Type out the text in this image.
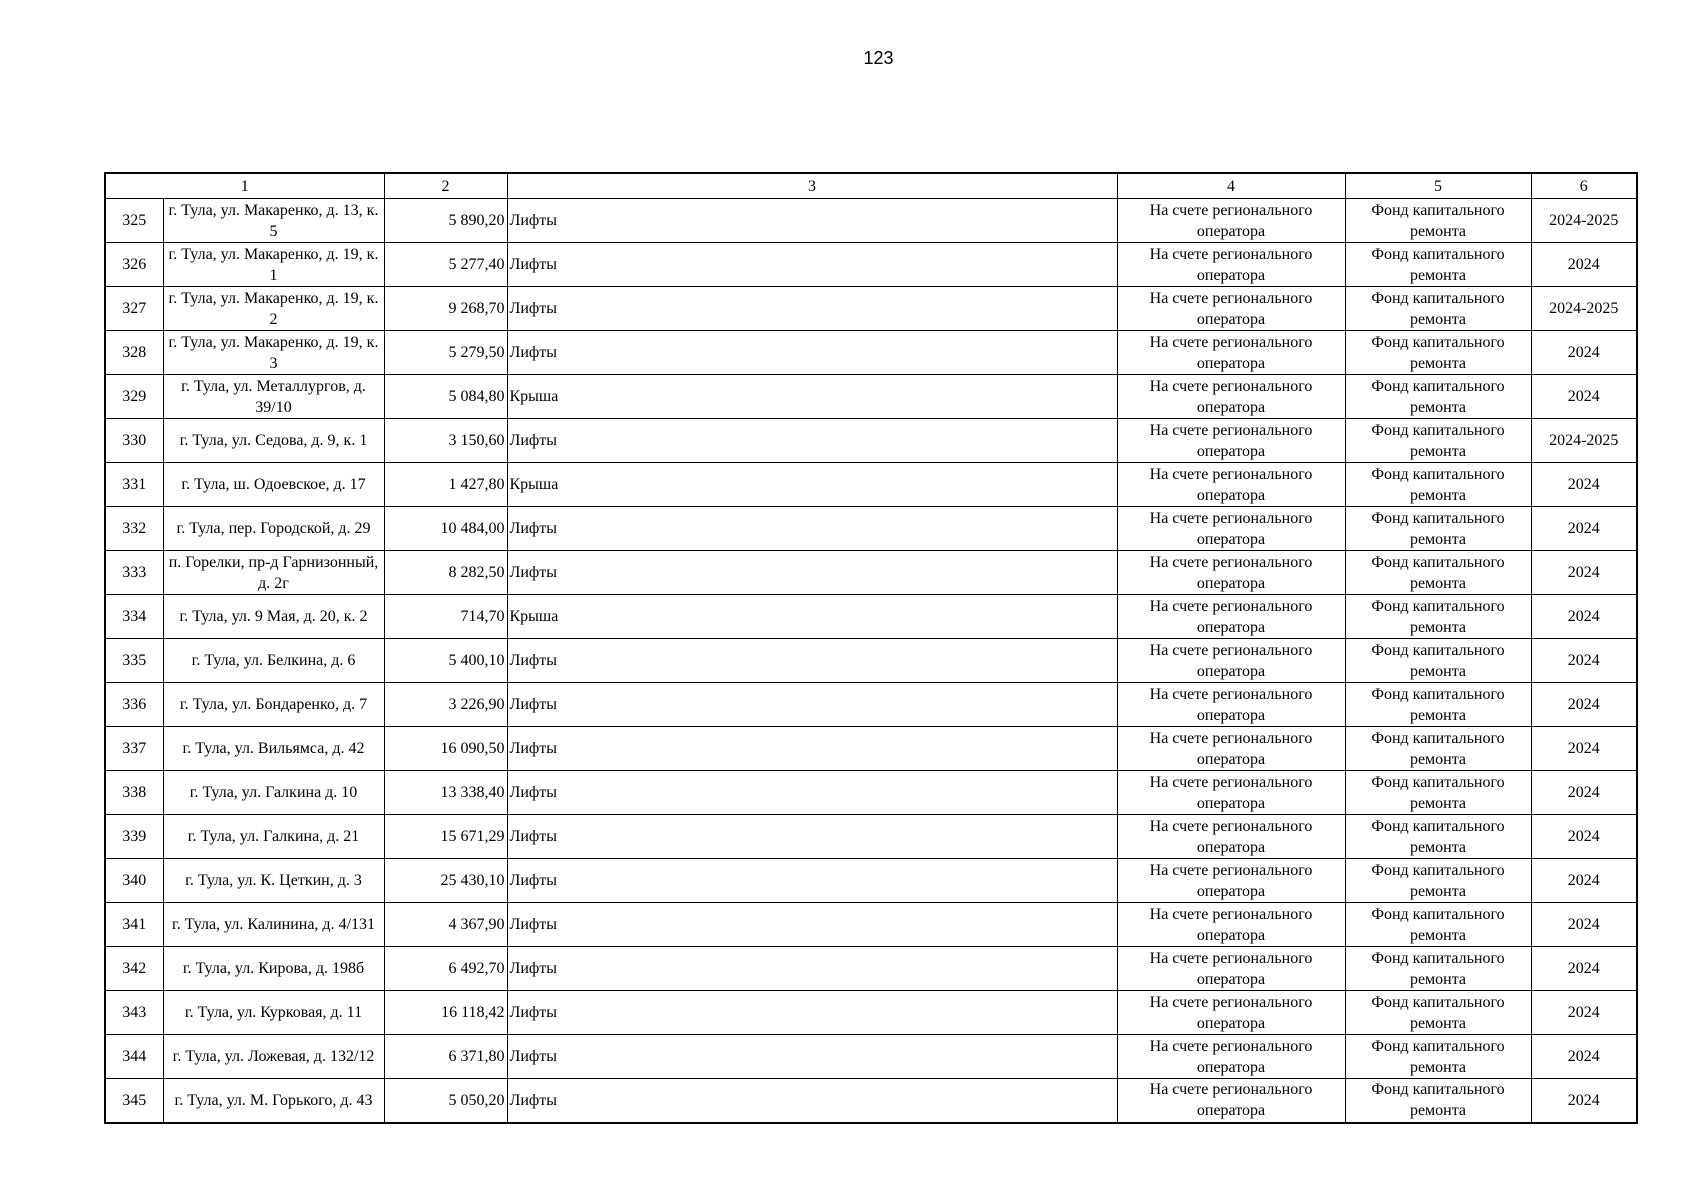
123
1		2	3	4	5	6
325	г. Тула, ул. Макаренко, д. 13, к. 5	5 890,20	Лифты	На счете регионального оператора	Фонд капитального ремонта	2024-2025
326	г. Тула, ул. Макаренко, д. 19, к. 1	5 277,40	Лифты	На счете регионального оператора	Фонд капитального ремонта	2024
327	г. Тула, ул. Макаренко, д. 19, к. 2	9 268,70	Лифты	На счете регионального оператора	Фонд капитального ремонта	2024-2025
328	г. Тула, ул. Макаренко, д. 19, к. 3	5 279,50	Лифты	На счете регионального оператора	Фонд капитального ремонта	2024
329	г. Тула, ул. Металлургов, д. 39/10	5 084,80	Крыша	На счете регионального оператора	Фонд капитального ремонта	2024
330	г. Тула, ул. Седова, д. 9, к. 1	3 150,60	Лифты	На счете регионального оператора	Фонд капитального ремонта	2024-2025
331	г. Тула, ш. Одоевское, д. 17	1 427,80	Крыша	На счете регионального оператора	Фонд капитального ремонта	2024
332	г. Тула, пер. Городской, д. 29	10 484,00	Лифты	На счете регионального оператора	Фонд капитального ремонта	2024
333	п. Горелки, пр-д Гарнизонный, д. 2г	8 282,50	Лифты	На счете регионального оператора	Фонд капитального ремонта	2024
334	г. Тула, ул. 9 Мая, д. 20, к. 2	714,70	Крыша	На счете регионального оператора	Фонд капитального ремонта	2024
335	г. Тула, ул. Белкина, д. 6	5 400,10	Лифты	На счете регионального оператора	Фонд капитального ремонта	2024
336	г. Тула, ул. Бондаренко, д. 7	3 226,90	Лифты	На счете регионального оператора	Фонд капитального ремонта	2024
337	г. Тула, ул. Вильямса, д. 42	16 090,50	Лифты	На счете регионального оператора	Фонд капитального ремонта	2024
338	г. Тула, ул. Галкина д. 10	13 338,40	Лифты	На счете регионального оператора	Фонд капитального ремонта	2024
339	г. Тула, ул. Галкина, д. 21	15 671,29	Лифты	На счете регионального оператора	Фонд капитального ремонта	2024
340	г. Тула, ул. К. Цеткин, д. 3	25 430,10	Лифты	На счете регионального оператора	Фонд капитального ремонта	2024
341	г. Тула, ул. Калинина, д. 4/131	4 367,90	Лифты	На счете регионального оператора	Фонд капитального ремонта	2024
342	г. Тула, ул. Кирова, д. 198б	6 492,70	Лифты	На счете регионального оператора	Фонд капитального ремонта	2024
343	г. Тула, ул. Курковая, д. 11	16 118,42	Лифты	На счете регионального оператора	Фонд капитального ремонта	2024
344	г. Тула, ул. Ложевая, д. 132/12	6 371,80	Лифты	На счете регионального оператора	Фонд капитального ремонта	2024
345	г. Тула, ул. М. Горького, д. 43	5 050,20	Лифты	На счете регионального оператора	Фонд капитального ремонта	2024
